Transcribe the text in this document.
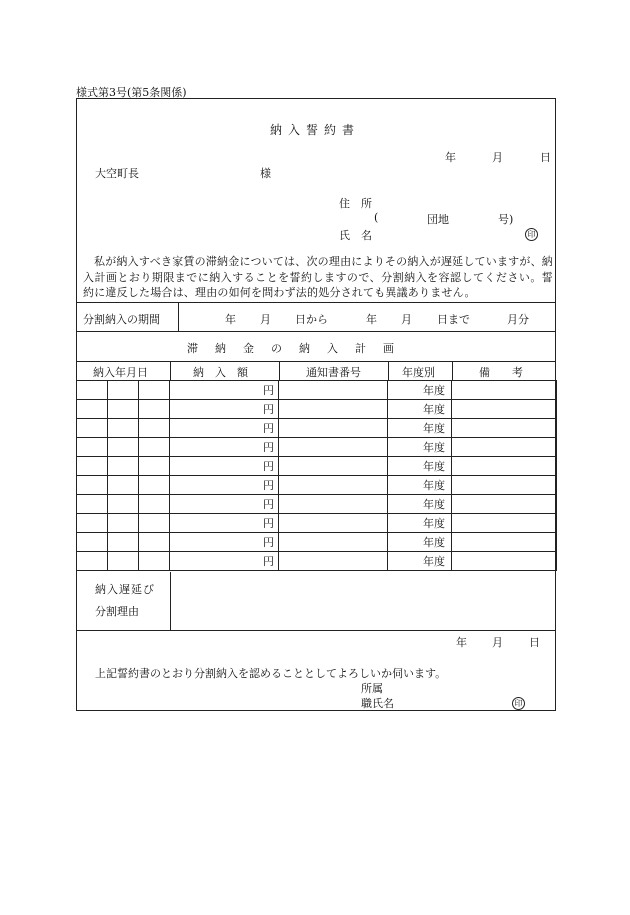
様式第3号(第5条関係)
納入誓約書
年	月	日
大空町長	様
住　所
(	団地	号)
氏　名	印
私が納入すべき家賃の滞納金については、次の理由によりその納入が遅延していますが、納入計画とおり期限までに納入することを誓約しますので、分割納入を容認してください。誓約に違反した場合は、理由の如何を問わず法的処分されても異議ありません。
分割納入の期間	年 月 日から	年 月 日まで	月分
滞　納　金　の　納　入　計　画
納入年月日	納　入　額	通知書番号	年度別	備　　考
			円		年度	
			円		年度	
			円		年度	
			円		年度	
			円		年度	
			円		年度	
			円		年度	
			円		年度	
			円		年度	
			円		年度	
納入遅延び
分割理由
年 月 日
上記誓約書のとおり分割納入を認めることとしてよろしいか伺います。
所属
職氏名	印
